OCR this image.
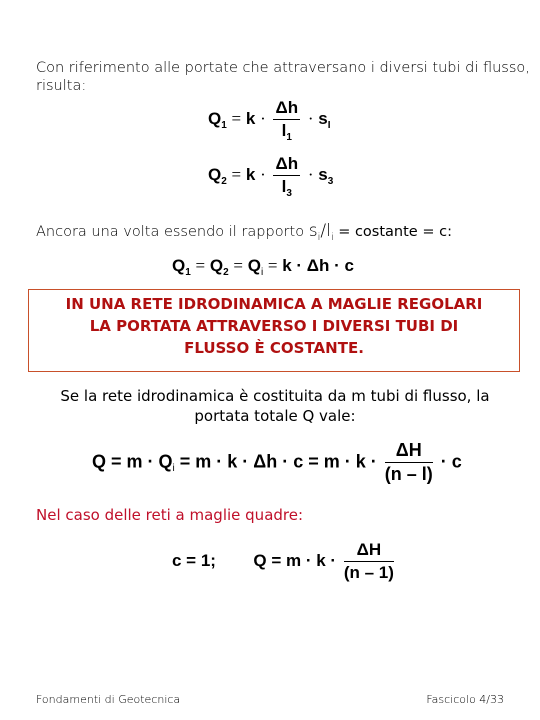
Con riferimento alle portate che attraversano i diversi tubi di flusso,
risulta:
$Q_1 = k \cdot \frac{\Delta h}{l_1} \cdot s_I$
$Q_2 = k \cdot \frac{\Delta h}{l_3} \cdot s_3$
Ancora una volta essendo il rapporto $s_i/l_i$ = costante = c:
$Q_1 = Q_2 = Q_i = k \cdot \Delta h \cdot c$
IN UNA RETE IDRODINAMICA A MAGLIE REGOLARI
LA PORTATA ATTRAVERSO I DIVERSI TUBI DI
FLUSSO È COSTANTE.
Se la rete idrodinamica è costituita da m tubi di flusso, la
portata totale Q vale:
$Q = m \cdot Q_i = m \cdot k \cdot \Delta h \cdot c = m \cdot k \cdot \frac{\Delta H}{(n - l)} \cdot c$
Nel caso delle reti a maglie quadre:
c = 1; $Q = m \cdot k \cdot \frac{\Delta H}{(n - 1)}$
Fondamenti di Geotecnica	Fascicolo 4/33
